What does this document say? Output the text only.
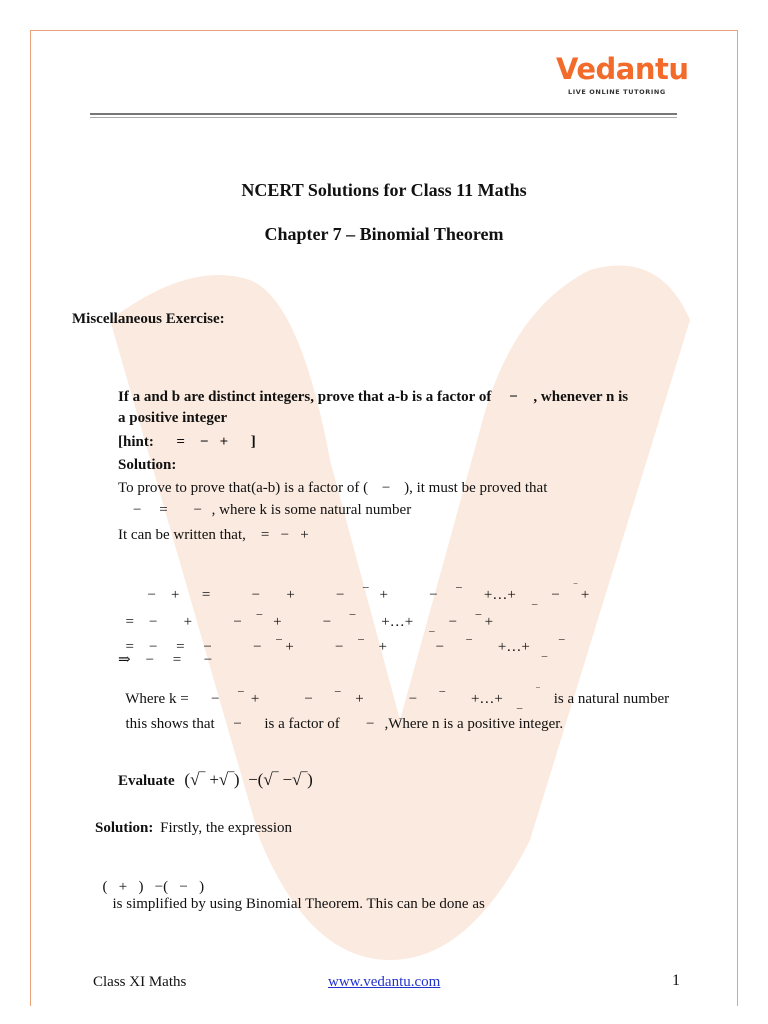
Vedantu
LIVE ONLINE TUTORING
NCERT Solutions for Class 11 Maths
Chapter 7 – Binomial Theorem
Miscellaneous Exercise:
If a and b are distinct integers, prove that a-b is a factor of − , whenever n is
a positive integer
[hint:      =    −   +      ]
Solution:
To prove to prove that(a-b) is a factor of ( − ), it must be proved that
− = − , where k is some natural number
It can be written that,    =   −   +

−    +      =           −       +           −     ‾   +           −     ‾      +…+ $_{\_}$ − ‾ +

=    −       +           −    ‾   +           −     ‾       +…+ $_{\_}$ −     ‾ +

=    −     =     −           −    ‾ +           −    ‾    +             −      ‾       +…+ $_{\_}$ ‾

⇒    −     =      −

Where k =      −     ‾  +            −      ‾    +            −      ‾       +…+ $_{\_}$‾ is a natural number

this shows that     −      is a factor of       − ,Where n is a positive integer.

Evaluate (√‾ +√‾)  −(√‾ −√‾)
Solution: Firstly, the expression

(   +   )   −(   −   )
is simplified by using Binomial Theorem. This can be done as

Class XI Maths	www.vedantu.com	1
